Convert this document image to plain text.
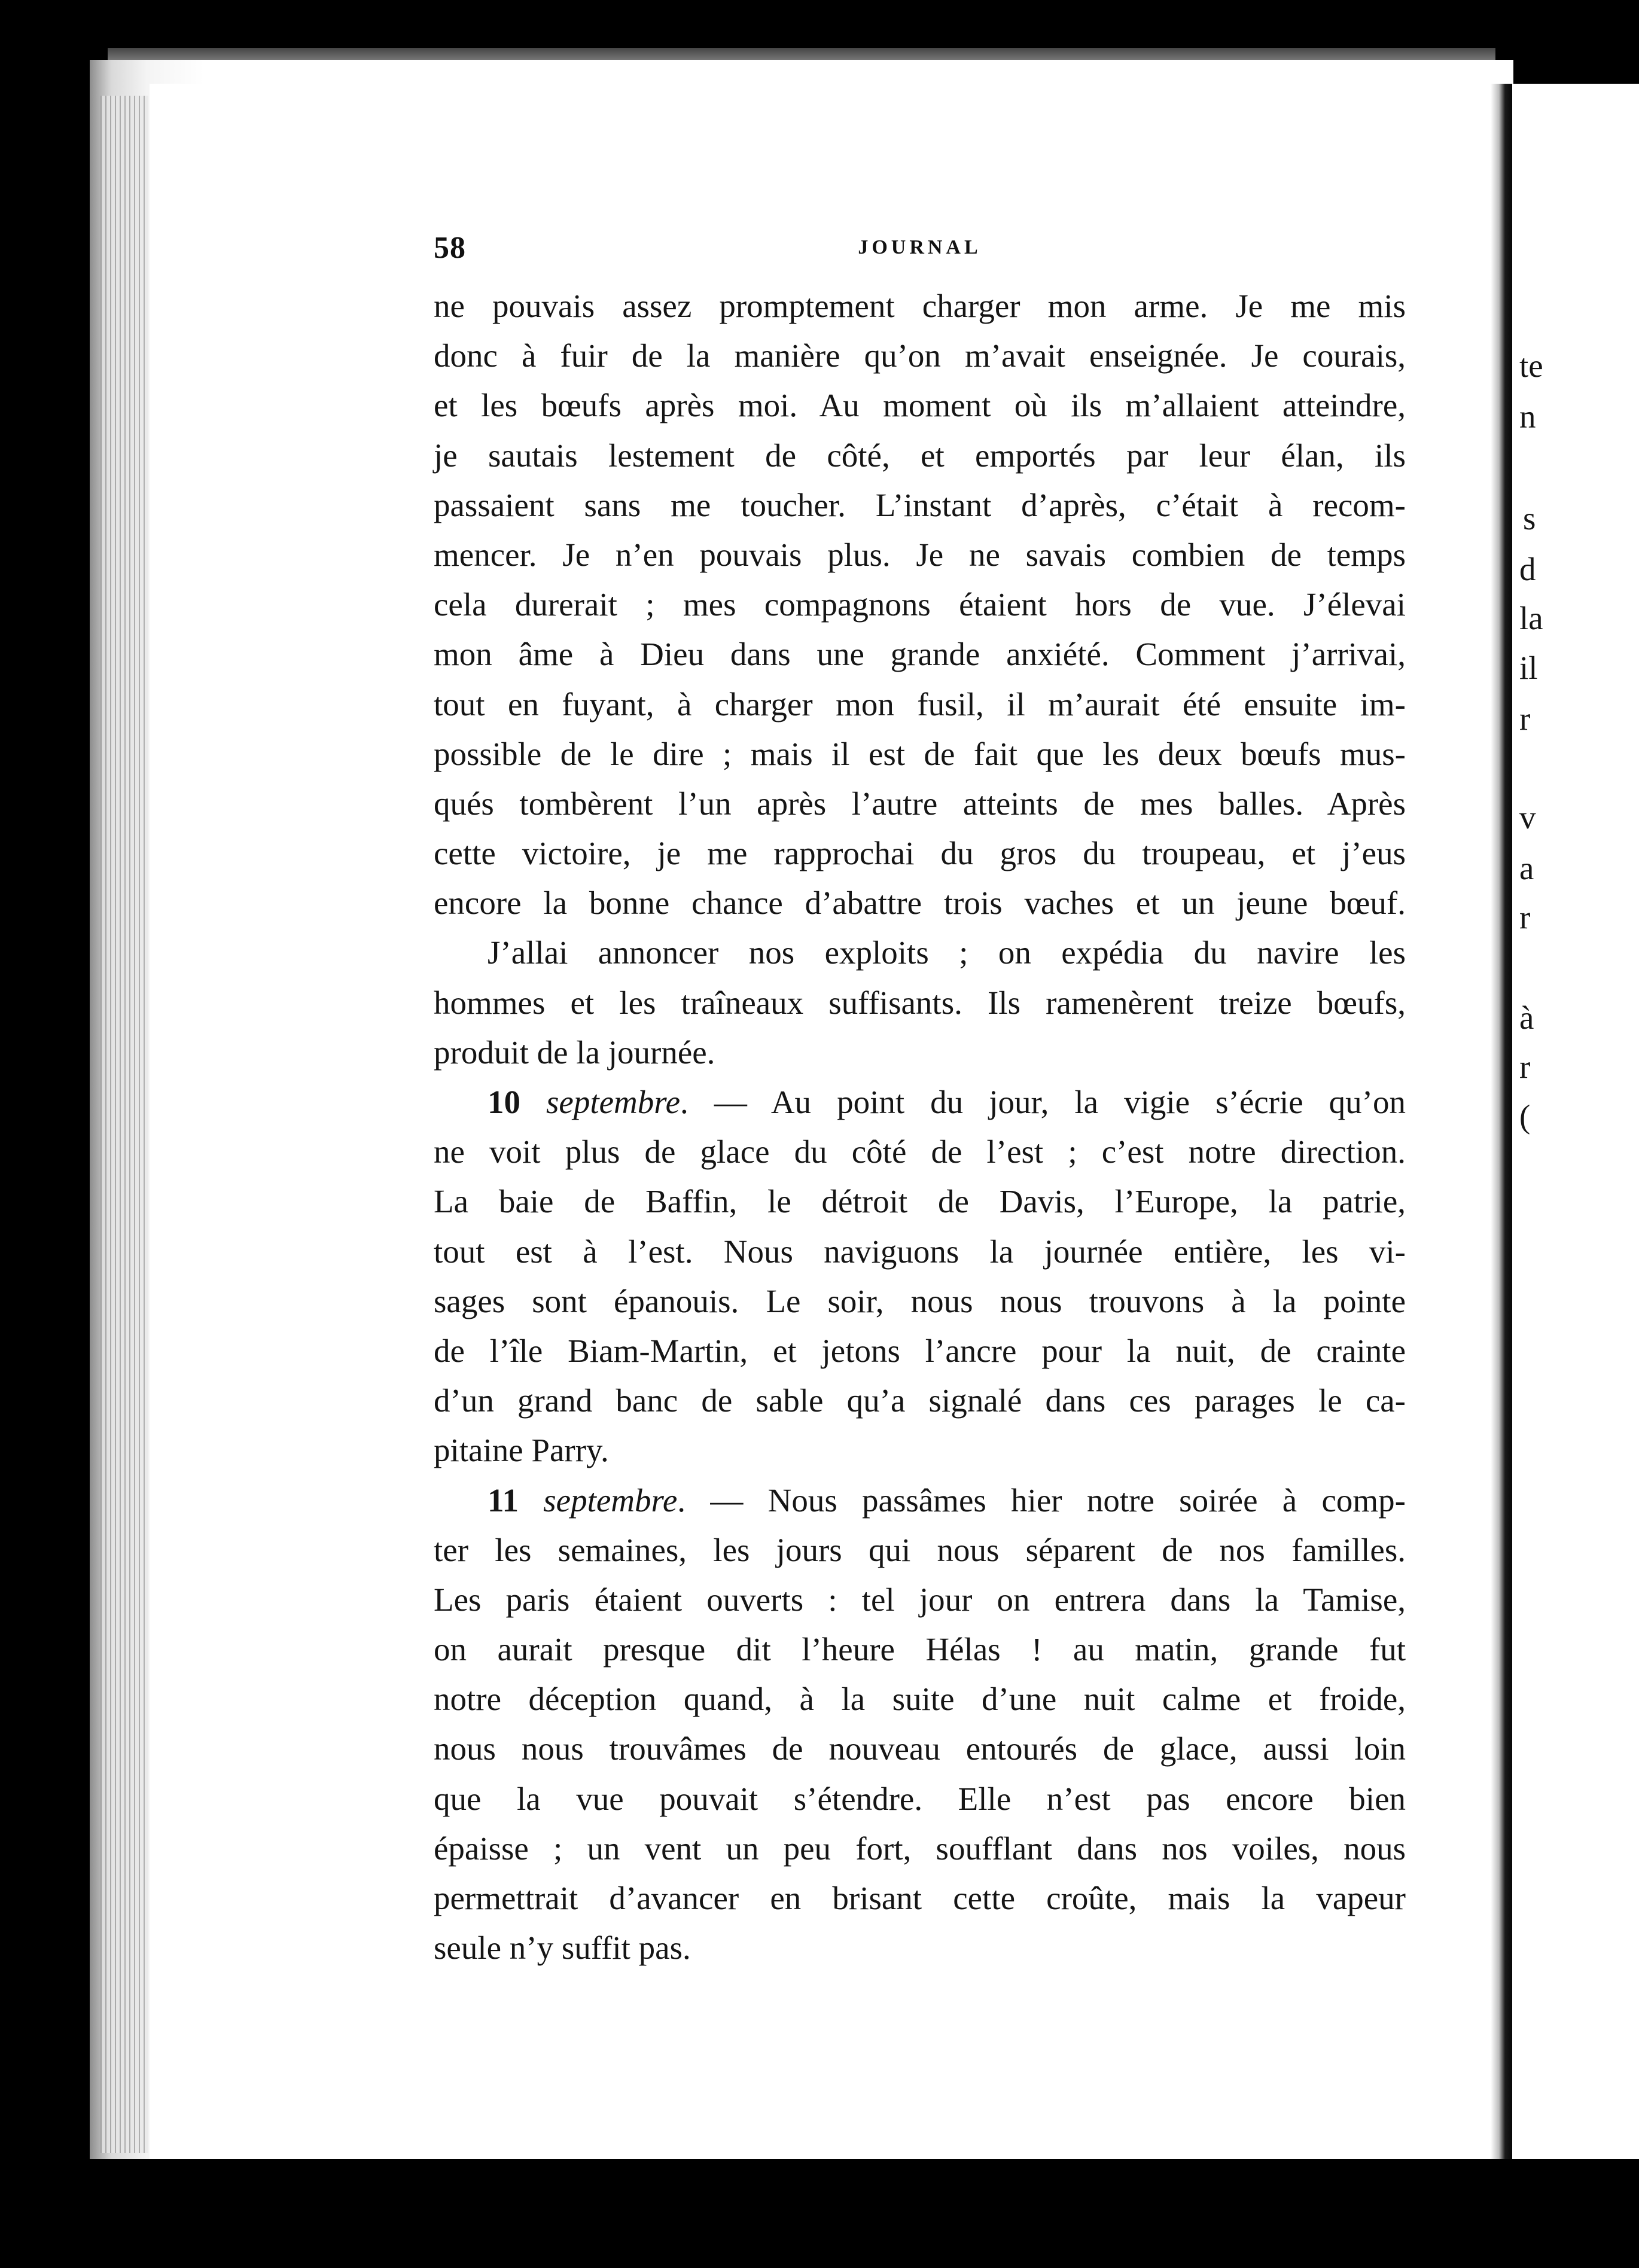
te
n
s
d
la
il
r
v
a
r
à
r
(
58	JOURNAL
ne pouvais assez promptement charger mon arme. Je me mis
donc à fuir de la manière qu’on m’avait enseignée. Je courais,
et les bœufs après moi. Au moment où ils m’allaient atteindre,
je sautais lestement de côté, et emportés par leur élan, ils
passaient sans me toucher. L’instant d’après, c’était à recom-
mencer. Je n’en pouvais plus. Je ne savais combien de temps
cela durerait ; mes compagnons étaient hors de vue. J’élevai
mon âme à Dieu dans une grande anxiété. Comment j’arrivai,
tout en fuyant, à charger mon fusil, il m’aurait été ensuite im-
possible de le dire ; mais il est de fait que les deux bœufs mus-
qués tombèrent l’un après l’autre atteints de mes balles. Après
cette victoire, je me rapprochai du gros du troupeau, et j’eus
encore la bonne chance d’abattre trois vaches et un jeune bœuf.
J’allai annoncer nos exploits ; on expédia du navire les
hommes et les traîneaux suffisants. Ils ramenèrent treize bœufs,
produit de la journée.
10 septembre. — Au point du jour, la vigie s’écrie qu’on
ne voit plus de glace du côté de l’est ; c’est notre direction.
La baie de Baffin, le détroit de Davis, l’Europe, la patrie,
tout est à l’est. Nous naviguons la journée entière, les vi-
sages sont épanouis. Le soir, nous nous trouvons à la pointe
de l’île Biam-Martin, et jetons l’ancre pour la nuit, de crainte
d’un grand banc de sable qu’a signalé dans ces parages le ca-
pitaine Parry.
11 septembre. — Nous passâmes hier notre soirée à comp-
ter les semaines, les jours qui nous séparent de nos familles.
Les paris étaient ouverts : tel jour on entrera dans la Tamise,
on aurait presque dit l’heure Hélas ! au matin, grande fut
notre déception quand, à la suite d’une nuit calme et froide,
nous nous trouvâmes de nouveau entourés de glace, aussi loin
que la vue pouvait s’étendre. Elle n’est pas encore bien
épaisse ; un vent un peu fort, soufflant dans nos voiles, nous
permettrait d’avancer en brisant cette croûte, mais la vapeur
seule n’y suffit pas.
